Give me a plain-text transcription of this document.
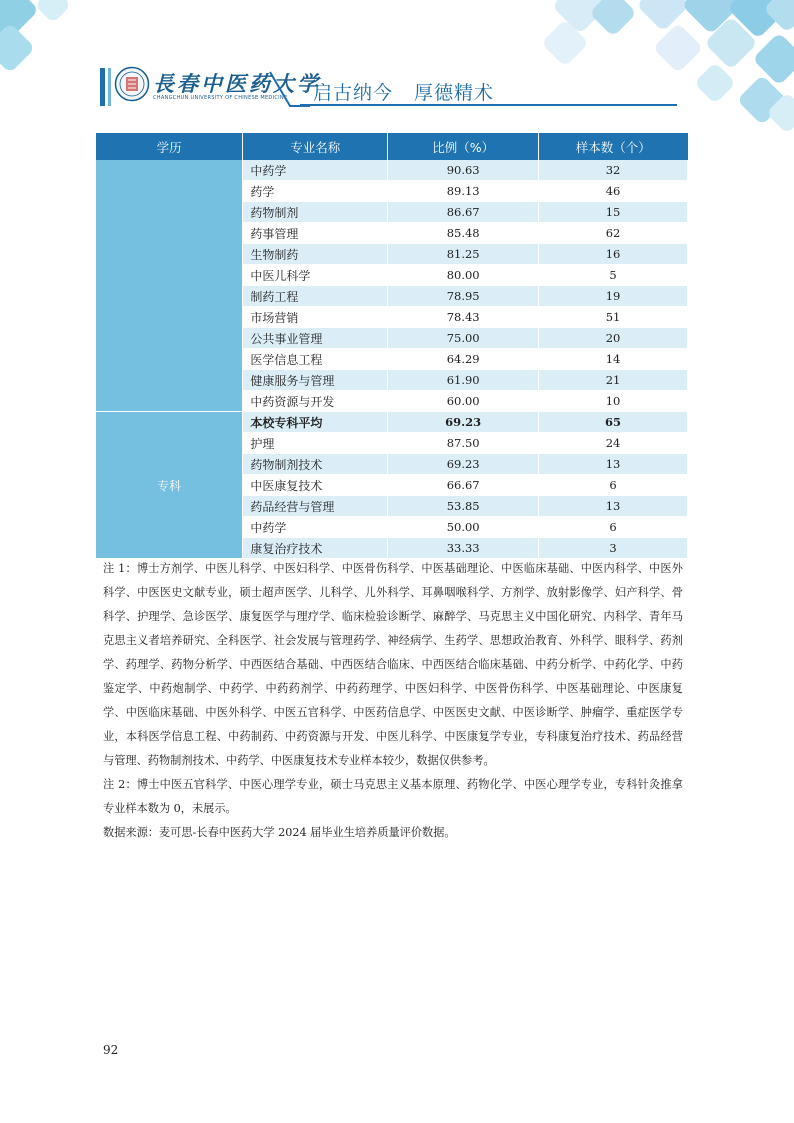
長春中医药大学
CHANGCHUN UNIVERSITY OF CHINESE MEDICINE 启古纳今 厚德精术
学历	专业名称	比例（%）	样本数（个）
	中药学	90.63	32
	药学	89.13	46
	药物制剂	86.67	15
	药事管理	85.48	62
	生物制药	81.25	16
	中医儿科学	80.00	5
	制药工程	78.95	19
	市场营销	78.43	51
	公共事业管理	75.00	20
	医学信息工程	64.29	14
	健康服务与管理	61.90	21
	中药资源与开发	60.00	10
专科	本校专科平均	69.23	65
	护理	87.50	24
	药物制剂技术	69.23	13
	中医康复技术	66.67	6
	药品经营与管理	53.85	13
	中药学	50.00	6
	康复治疗技术	33.33	3

注 1：博士方剂学、中医儿科学、中医妇科学、中医骨伤科学、中医基础理论、中医临床基础、中医内科学、中医外科学、中医医史文献专业，硕士超声医学、儿科学、儿外科学、耳鼻咽喉科学、方剂学、放射影像学、妇产科学、骨科学、护理学、急诊医学、康复医学与理疗学、临床检验诊断学、麻醉学、马克思主义中国化研究、内科学、青年马克思主义者培养研究、全科医学、社会发展与管理药学、神经病学、生药学、思想政治教育、外科学、眼科学、药剂学、药理学、药物分析学、中西医结合基础、中西医结合临床、中西医结合临床基础、中药分析学、中药化学、中药鉴定学、中药炮制学、中药学、中药药剂学、中药药理学、中医妇科学、中医骨伤科学、中医基础理论、中医康复学、中医临床基础、中医外科学、中医五官科学、中医药信息学、中医医史文献、中医诊断学、肿瘤学、重症医学专业，本科医学信息工程、中药制药、中药资源与开发、中医儿科学、中医康复学专业，专科康复治疗技术、药品经营与管理、药物制剂技术、中药学、中医康复技术专业样本较少，数据仅供参考。

注 2：博士中医五官科学、中医心理学专业，硕士马克思主义基本原理、药物化学、中医心理学专业，专科针灸推拿专业样本数为 0，未展示。

数据来源：麦可思-长春中医药大学 2024 届毕业生培养质量评价数据。

92
